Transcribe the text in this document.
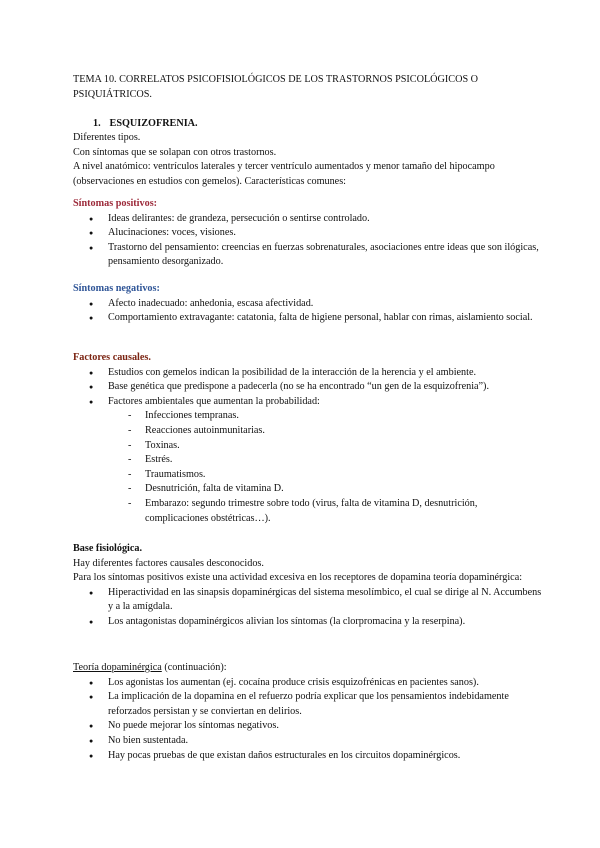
TEMA 10. CORRELATOS PSICOFISIOLÓGICOS DE LOS TRASTORNOS PSICOLÓGICOS O PSIQUIÁTRICOS.
1. ESQUIZOFRENIA.

Diferentes tipos.

Con síntomas que se solapan con otros trastornos.

A nivel anatómico: ventrículos laterales y tercer ventrículo aumentados y menor tamaño del hipocampo (observaciones en estudios con gemelos). Características comunes:

Síntomas positivos:

● Ideas delirantes: de grandeza, persecución o sentirse controlado.
● Alucinaciones: voces, visiones.
● Trastorno del pensamiento: creencias en fuerzas sobrenaturales, asociaciones entre ideas que son ilógicas, pensamiento desorganizado.

Síntomas negativos:

● Afecto inadecuado: anhedonia, escasa afectividad.
● Comportamiento extravagante: catatonia, falta de higiene personal, hablar con rimas, aislamiento social.

Factores causales.

● Estudios con gemelos indican la posibilidad de la interacción de la herencia y el ambiente.
● Base genética que predispone a padecerla (no se ha encontrado “un gen de la esquizofrenia”).
● Factores ambientales que aumentan la probabilidad:
- Infecciones tempranas.
- Reacciones autoinmunitarias.
- Toxinas.
- Estrés.
- Traumatismos.
- Desnutrición, falta de vitamina D.
- Embarazo: segundo trimestre sobre todo (virus, falta de vitamina D, desnutrición, complicaciones obstétricas…).

Base fisiológica.

Hay diferentes factores causales desconocidos.

Para los síntomas positivos existe una actividad excesiva en los receptores de dopamina teoría dopaminérgica:

● Hiperactividad en las sinapsis dopaminérgicas del sistema mesolímbico, el cual se dirige al N. Accumbens y a la amígdala.
● Los antagonistas dopaminérgicos alivian los síntomas (la clorpromacina y la reserpina).

Teoría dopaminérgica (continuación):

● Los agonistas los aumentan (ej. cocaína produce crisis esquizofrénicas en pacientes sanos).
● La implicación de la dopamina en el refuerzo podría explicar que los pensamientos indebidamente reforzados persistan y se conviertan en delirios.
● No puede mejorar los síntomas negativos.
● No bien sustentada.
● Hay pocas pruebas de que existan daños estructurales en los circuitos dopaminérgicos.
